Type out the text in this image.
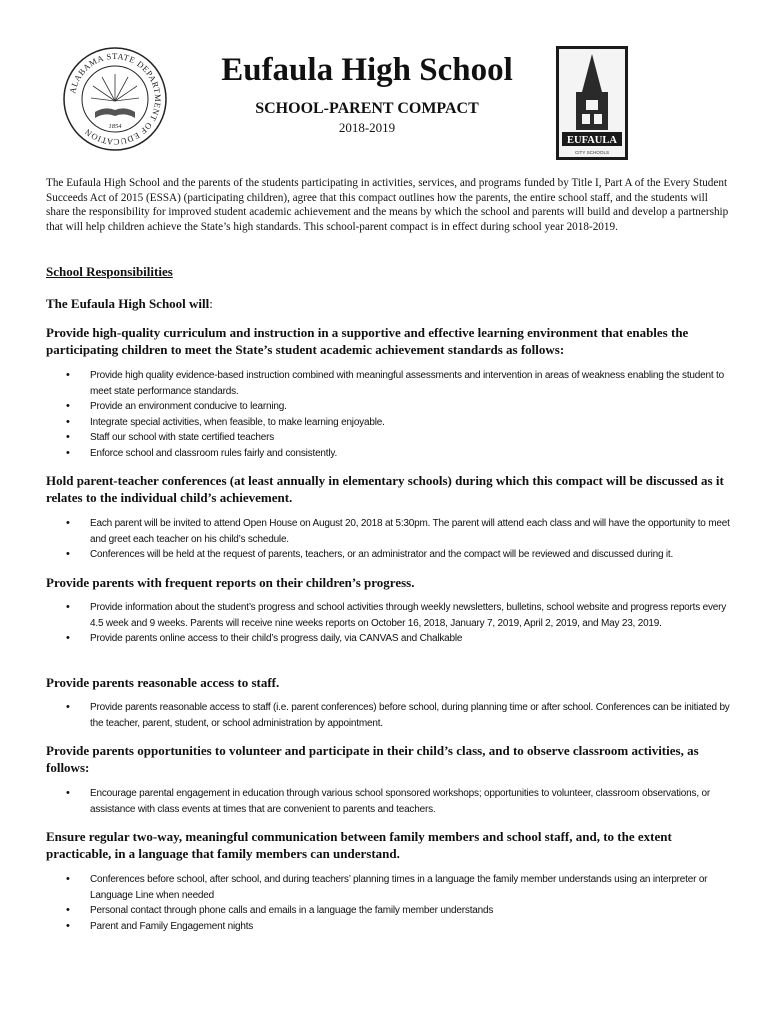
ALABAMA STATE DEPARTMENT OF EDUCATION
1854
Eufaula High School
SCHOOL-PARENT COMPACT
2018-2019
EUFAULA
CITY SCHOOLS
The Eufaula High School and the parents of the students participating in activities, services, and programs funded by Title I, Part A of the Every Student Succeeds Act of 2015 (ESSA) (participating children), agree that this compact outlines how the parents, the entire school staff, and the students will share the responsibility for improved student academic achievement and the means by which the school and parents will build and develop a partnership that will help children achieve the State’s high standards. This school-parent compact is in effect during school year 2018-2019.
School Responsibilities
The Eufaula High School will:
Provide high-quality curriculum and instruction in a supportive and effective learning environment that enables the participating children to meet the State’s student academic achievement standards as follows:
• Provide high quality evidence-based instruction combined with meaningful assessments and intervention in areas of weakness enabling the student to meet state performance standards.
• Provide an environment conducive to learning.
• Integrate special activities, when feasible, to make learning enjoyable.
• Staff our school with state certified teachers
• Enforce school and classroom rules fairly and consistently.
Hold parent-teacher conferences (at least annually in elementary schools) during which this compact will be discussed as it relates to the individual child’s achievement.
• Each parent will be invited to attend Open House on August 20, 2018 at 5:30pm. The parent will attend each class and will have the opportunity to meet and greet each teacher on his child’s schedule.
• Conferences will be held at the request of parents, teachers, or an administrator and the compact will be reviewed and discussed during it.
Provide parents with frequent reports on their children’s progress.
• Provide information about the student’s progress and school activities through weekly newsletters, bulletins, school website and progress reports every 4.5 week and 9 weeks. Parents will receive nine weeks reports on October 16, 2018, January 7, 2019, April 2, 2019, and May 23, 2019.
• Provide parents online access to their child’s progress daily, via CANVAS and Chalkable
Provide parents reasonable access to staff.
• Provide parents reasonable access to staff (i.e. parent conferences) before school, during planning time or after school. Conferences can be initiated by the teacher, parent, student, or school administration by appointment.
Provide parents opportunities to volunteer and participate in their child’s class, and to observe classroom activities, as follows:
• Encourage parental engagement in education through various school sponsored workshops; opportunities to volunteer, classroom observations, or assistance with class events at times that are convenient to parents and teachers.
Ensure regular two-way, meaningful communication between family members and school staff, and, to the extent practicable, in a language that family members can understand.
• Conferences before school, after school, and during teachers’ planning times in a language the family member understands using an interpreter or Language Line when needed
• Personal contact through phone calls and emails in a language the family member understands
• Parent and Family Engagement nights
